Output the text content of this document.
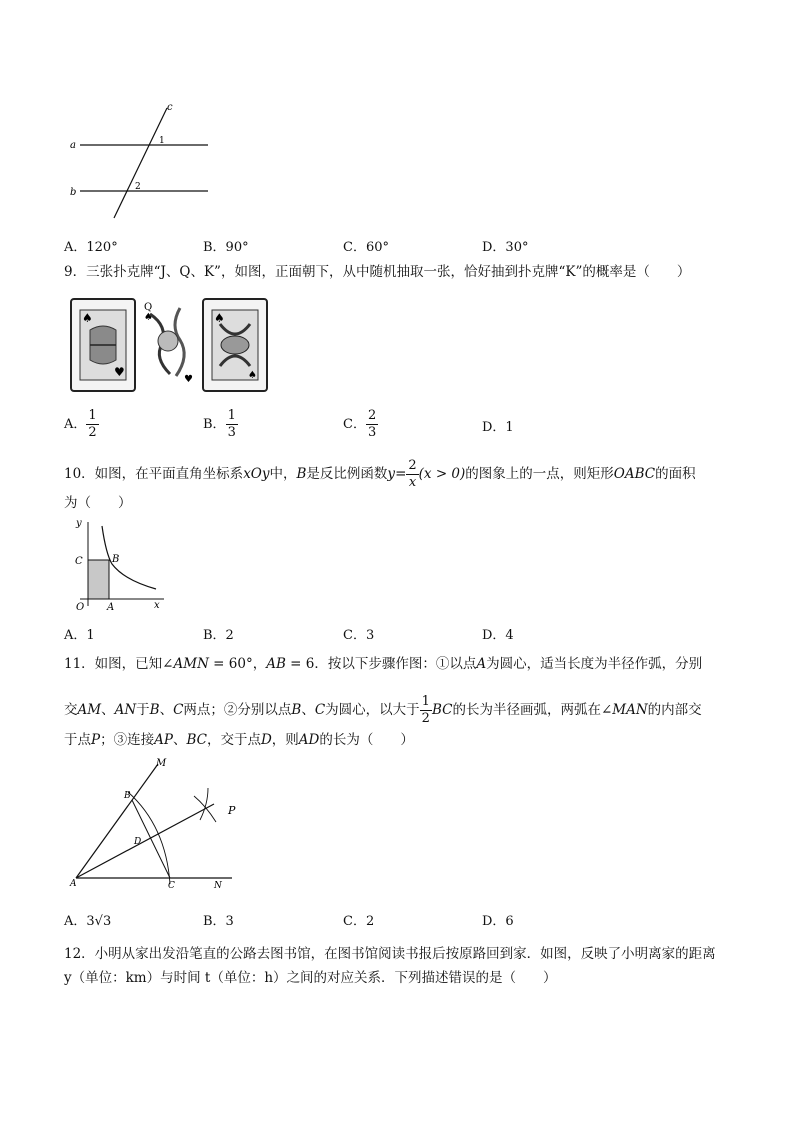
c
a
b
1
2
A．120°	B．90°	C．60°	D．30°
9．三张扑克牌“J、Q、K”，如图，正面朝下，从中随机抽取一张，恰好抽到扑克牌“K”的概率是（　　）
♠
♥
Q
♠
♥
♠
♠
A． $\frac{1}{2}$	B． $\frac{1}{3}$	C． $\frac{2}{3}$	D．1
10．如图，在平面直角坐标系xOy中，B是反比例函数$y= \frac{2}{x} (x > 0)$的图象上的一点，则矩形OABC的面积
为（　　）
y
x
O A
B
C
A．1	B．2	C．3	D．4
11．如图，已知∠AMN = 60°，AB = 6．按以下步骤作图：①以点A为圆心，适当长度为半径作弧，分别
交AM、AN于B、C两点；②分别以点B、C为圆心，以大于 $\frac{1}{2}$ BC的长为半径画弧，两弧在∠MAN的内部交
于点P；③连接AP、BC，交于点D，则AD的长为（　　）
M
B
D
P
A	C	N
A．3√3	B．3	C．2	D．6
12．小明从家出发沿笔直的公路去图书馆，在图书馆阅读书报后按原路回到家．如图，反映了小明离家的距离
y（单位：km）与时间 t（单位：h）之间的对应关系．下列描述错误的是（　　）
